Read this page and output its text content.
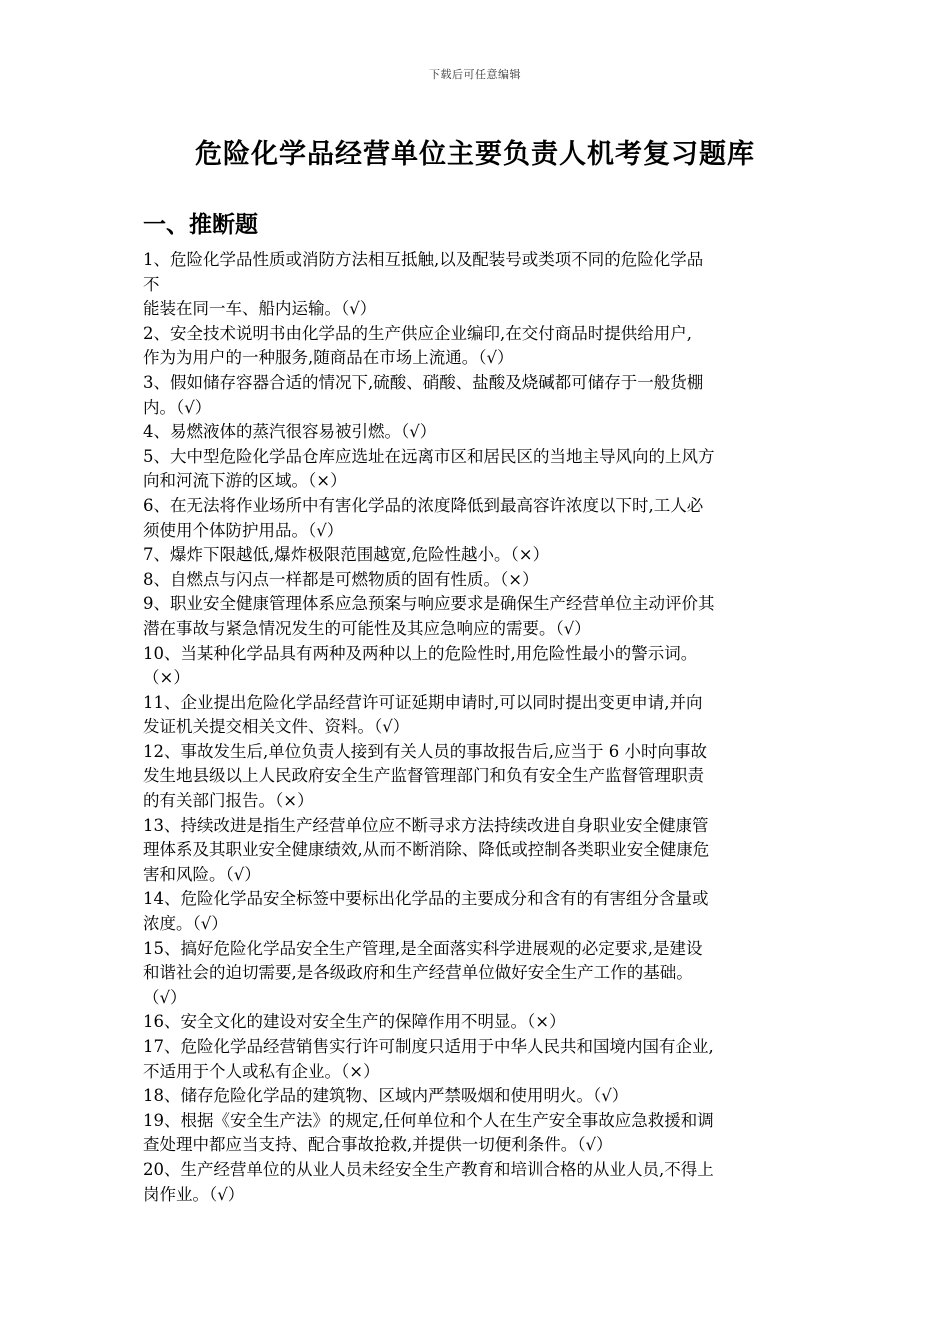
下载后可任意编辑
危险化学品经营单位主要负责人机考复习题库
一、推断题
1、危险化学品性质或消防方法相互抵触,以及配装号或类项不同的危险化学品
不
能装在同一车、船内运输。（√）
2、安全技术说明书由化学品的生产供应企业编印,在交付商品时提供给用户,
作为为用户的一种服务,随商品在市场上流通。（√）
3、假如储存容器合适的情况下,硫酸、硝酸、盐酸及烧碱都可储存于一般货棚
内。（√）
4、易燃液体的蒸汽很容易被引燃。（√）
5、大中型危险化学品仓库应选址在远离市区和居民区的当地主导风向的上风方
向和河流下游的区域。（×）
6、在无法将作业场所中有害化学品的浓度降低到最高容许浓度以下时,工人必
须使用个体防护用品。（√）
7、爆炸下限越低,爆炸极限范围越宽,危险性越小。（×）
8、自燃点与闪点一样都是可燃物质的固有性质。（×）
9、职业安全健康管理体系应急预案与响应要求是确保生产经营单位主动评价其
潜在事故与紧急情况发生的可能性及其应急响应的需要。（√）
10、当某种化学品具有两种及两种以上的危险性时,用危险性最小的警示词。
（×）
11、企业提出危险化学品经营许可证延期申请时,可以同时提出变更申请,并向
发证机关提交相关文件、资料。（√）
12、事故发生后,单位负责人接到有关人员的事故报告后,应当于 6 小时向事故
发生地县级以上人民政府安全生产监督管理部门和负有安全生产监督管理职责
的有关部门报告。（×）
13、持续改进是指生产经营单位应不断寻求方法持续改进自身职业安全健康管
理体系及其职业安全健康绩效,从而不断消除、降低或控制各类职业安全健康危
害和风险。（√）
14、危险化学品安全标签中要标出化学品的主要成分和含有的有害组分含量或
浓度。（√）
15、搞好危险化学品安全生产管理,是全面落实科学进展观的必定要求,是建设
和谐社会的迫切需要,是各级政府和生产经营单位做好安全生产工作的基础。
（√）
16、安全文化的建设对安全生产的保障作用不明显。（×）
17、危险化学品经营销售实行许可制度只适用于中华人民共和国境内国有企业,
不适用于个人或私有企业。（×）
18、储存危险化学品的建筑物、区域内严禁吸烟和使用明火。（√）
19、根据《安全生产法》的规定,任何单位和个人在生产安全事故应急救援和调
查处理中都应当支持、配合事故抢救,并提供一切便利条件。（√）
20、生产经营单位的从业人员未经安全生产教育和培训合格的从业人员,不得上
岗作业。（√）
